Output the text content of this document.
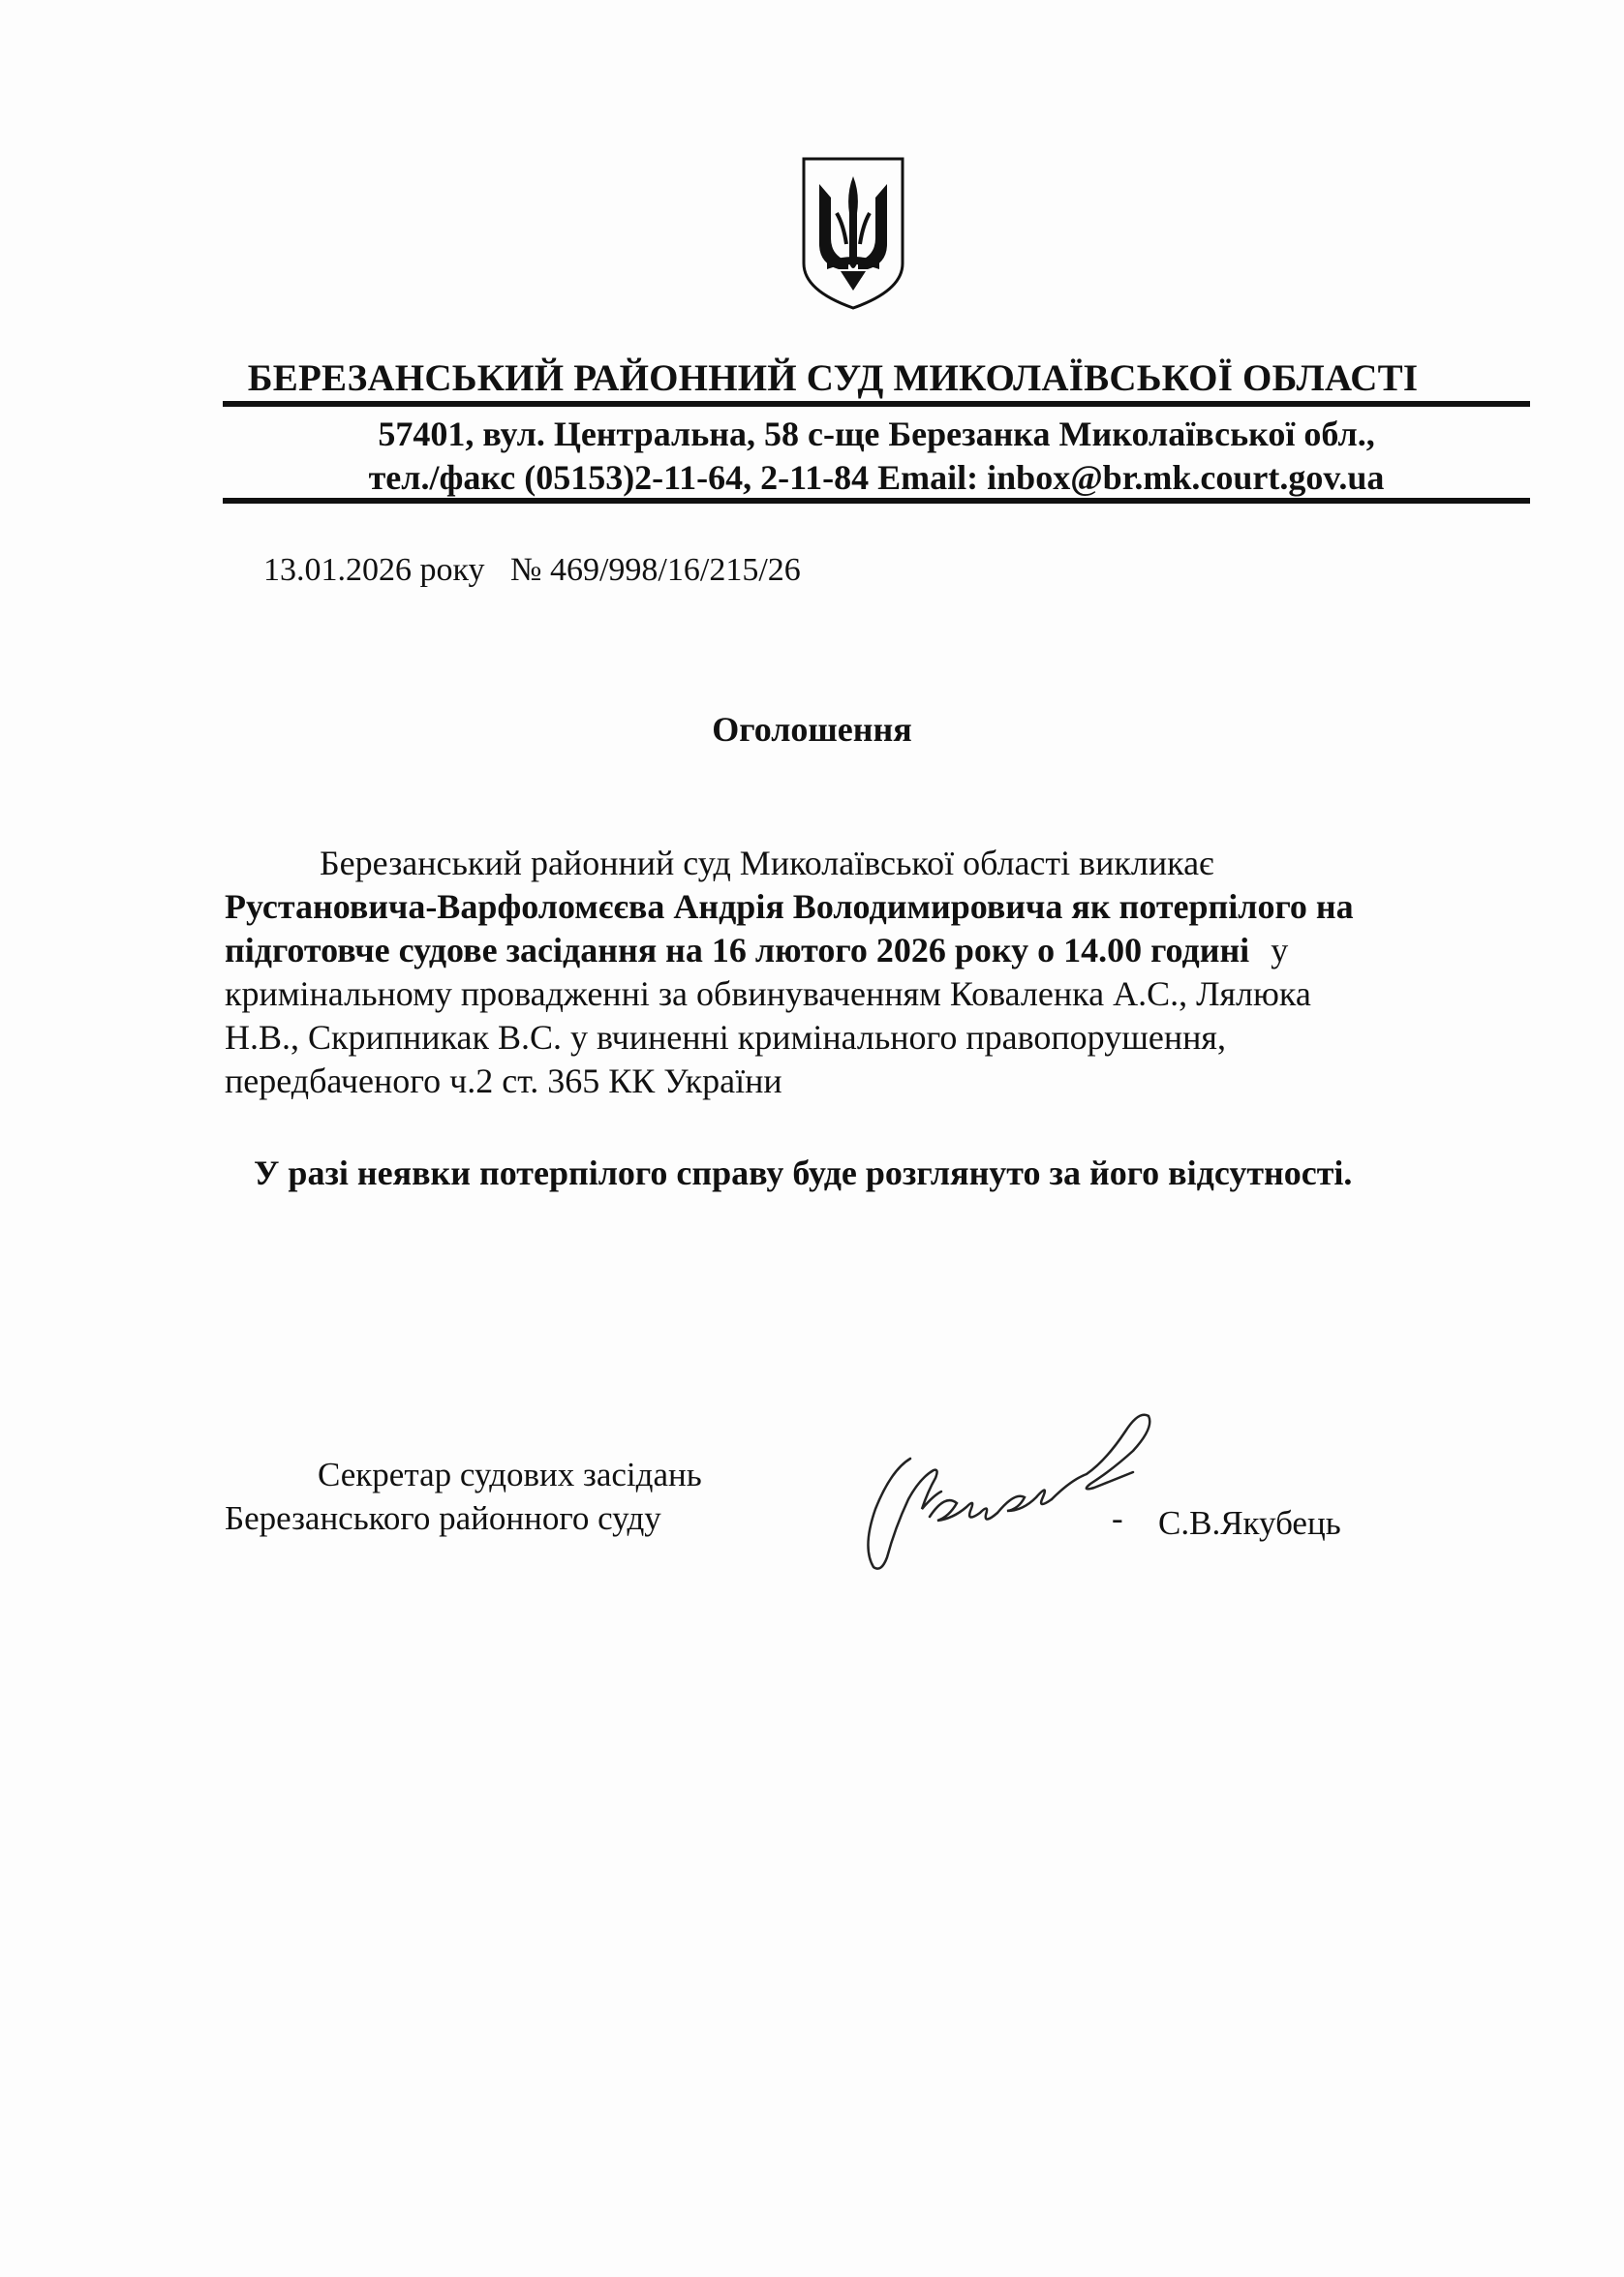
БЕРЕЗАНСЬКИЙ РАЙОННИЙ СУД МИКОЛАЇВСЬКОЇ ОБЛАСТІ
57401, вул. Центральна, 58 с-ще Березанка Миколаївської обл.,
тел./факс (05153)2-11-64, 2-11-84 Email: inbox@br.mk.court.gov.ua
13.01.2026 року № 469/998/16/215/26
Оголошення
Березанський районний суд Миколаївської області викликає
Рустановича-Варфоломєєва Андрія Володимировича як потерпілого на
підготовче судове засідання на 16 лютого 2026 року о 14.00 годині у
кримінальному провадженні за обвинуваченням Коваленка А.С., Лялюка
Н.В., Скрипникак В.С. у вчиненні кримінального правопорушення,
передбаченого ч.2 ст. 365 КК України
У разі неявки потерпілого справу буде розглянуто за його відсутності.
Секретар судових засідань
Березанського районного суду	- С.В.Якубець
